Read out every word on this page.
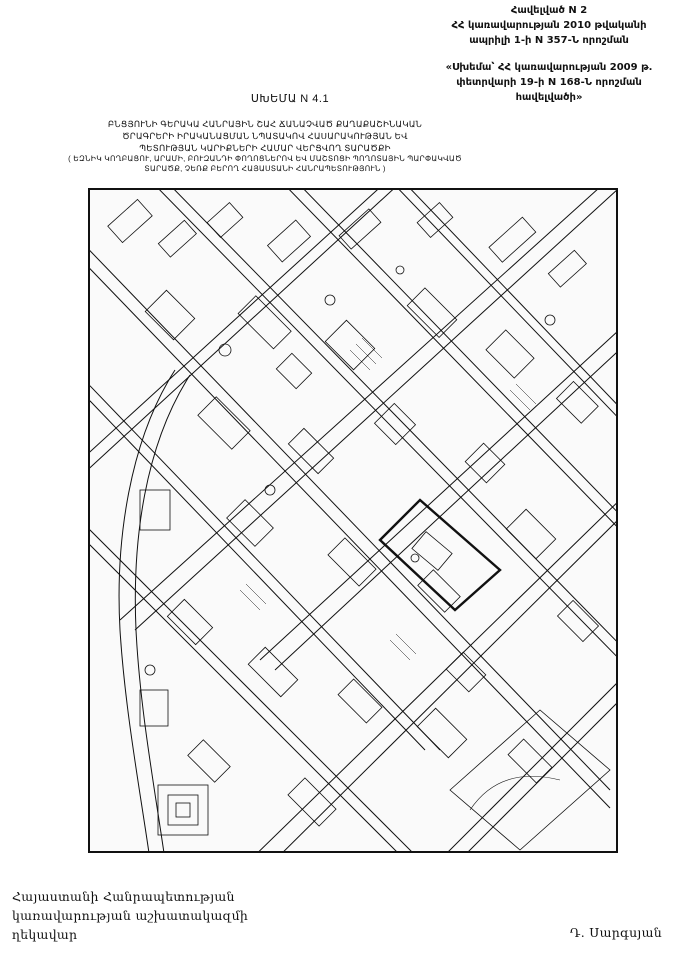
Հավելված N 2
ՀՀ կառավարության 2010 թվականի
ապրիլի 1-ի N 357-Ն որոշման
«Սխեմա՝ ՀՀ կառավարության 2009 թ.
փետրվարի 19-ի N 168-Ն որոշման
հավելվածի»
ՍԽԵՄԱ N 4.1
ԲՆՑՅՈՒՆԻ ԳԵՐԱԿԱ ՀԱՆՐԱՅԻՆ ՇԱՀ ՃԱՆԱՉՎԱԾ ՔԱՂԱՔԱՇԻՆԱԿԱՆ
ԾՐԱԳՐԵՐԻ ԻՐԱԿԱՆԱՑՄԱՆ ՆՊԱՏԱԿՈՎ ՀԱՍԱՐԱԿՈՒԹՅԱՆ ԵՎ
ՊԵՏՈՒԹՅԱՆ ԿԱՐԻՔՆԵՐԻ ՀԱՄԱՐ ՎԵՐՑՎՈՂ ՏԱՐԱԾՔԻ
( ԵԶՆԻԿ ԿՈՂԲԱՑՈՒ, ԱՐԱՄԻ, ԲՈՒԶԱՆԴԻ ՓՈՂՈՑՆԵՐՈՎ ԵՎ ՄԱՇՏՈՑԻ ՊՈՂՈՏԱՅԻՆ ՊԱՐՓԱԿՎԱԾ
ՏԱՐԱԾՔ, ՉԵՌՔ ԲԵՐՈՂ ՀԱՅԱՍՏԱՆԻ ՀԱՆՐԱՊԵՏՈՒԹՅՈՒՆ )
Հայաստանի Հանրապետության
կառավարության աշխատակազմի
ղեկավար	Դ. Սարգսյան
